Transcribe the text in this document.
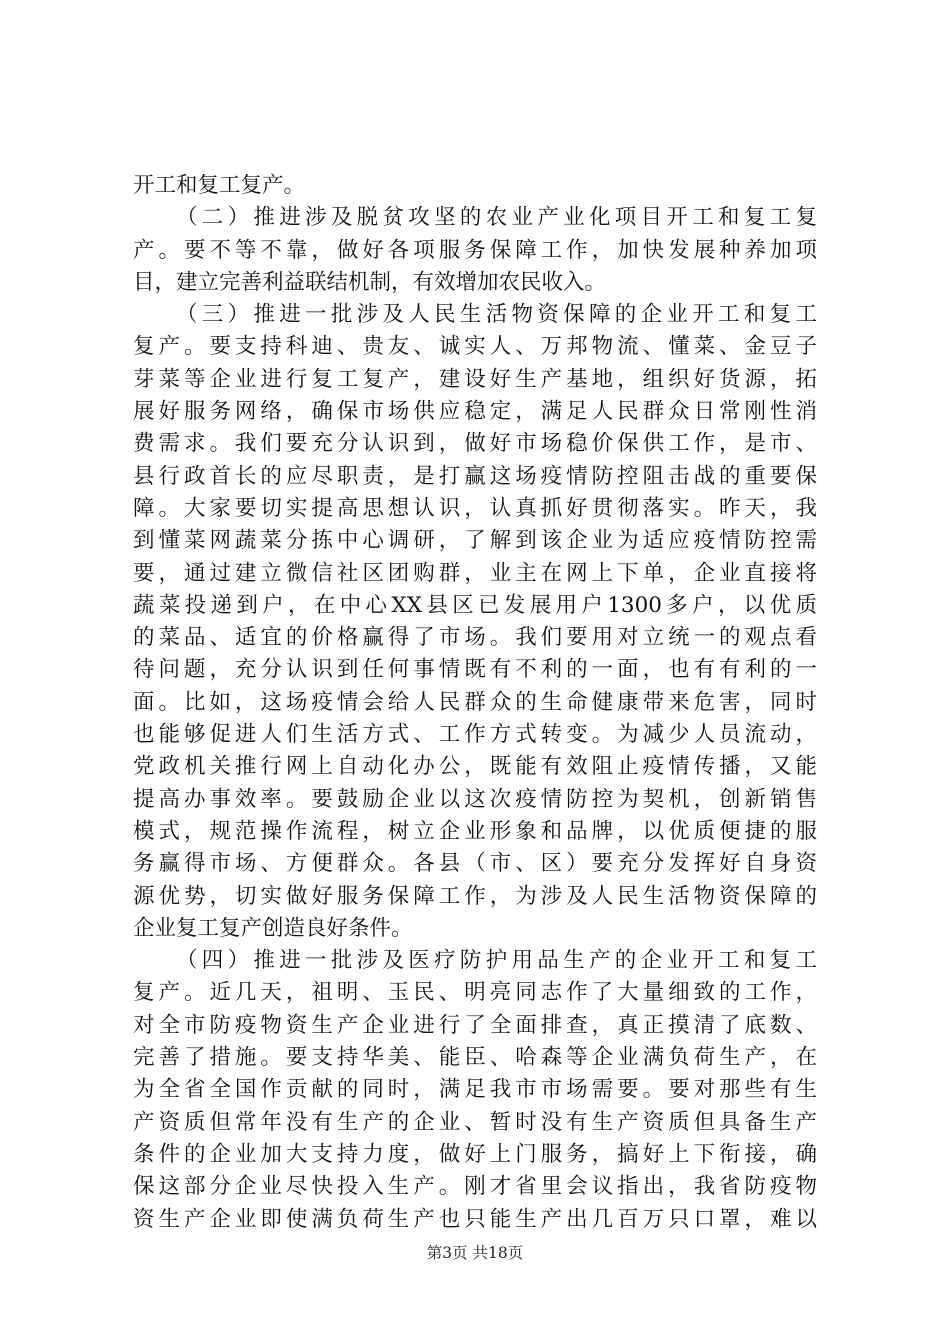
开工和复工复产。
（二）推进涉及脱贫攻坚的农业产业化项目开工和复工复
产。要不等不靠，做好各项服务保障工作，加快发展种养加项
目，建立完善利益联结机制，有效增加农民收入。
（三）推进一批涉及人民生活物资保障的企业开工和复工
复产。要支持科迪、贵友、诚实人、万邦物流、懂菜、金豆子
芽菜等企业进行复工复产，建设好生产基地，组织好货源，拓
展好服务网络，确保市场供应稳定，满足人民群众日常刚性消
费需求。我们要充分认识到，做好市场稳价保供工作，是市、
县行政首长的应尽职责，是打赢这场疫情防控阻击战的重要保
障。大家要切实提高思想认识，认真抓好贯彻落实。昨天，我
到懂菜网蔬菜分拣中心调研，了解到该企业为适应疫情防控需
要，通过建立微信社区团购群，业主在网上下单，企业直接将
蔬菜投递到户，在中心XX县区已发展用户1300多户，以优质
的菜品、适宜的价格赢得了市场。我们要用对立统一的观点看
待问题，充分认识到任何事情既有不利的一面，也有有利的一
面。比如，这场疫情会给人民群众的生命健康带来危害，同时
也能够促进人们生活方式、工作方式转变。为减少人员流动，
党政机关推行网上自动化办公，既能有效阻止疫情传播，又能
提高办事效率。要鼓励企业以这次疫情防控为契机，创新销售
模式，规范操作流程，树立企业形象和品牌，以优质便捷的服
务赢得市场、方便群众。各县（市、区）要充分发挥好自身资
源优势，切实做好服务保障工作，为涉及人民生活物资保障的
企业复工复产创造良好条件。
（四）推进一批涉及医疗防护用品生产的企业开工和复工
复产。近几天，祖明、玉民、明亮同志作了大量细致的工作，
对全市防疫物资生产企业进行了全面排查，真正摸清了底数、
完善了措施。要支持华美、能臣、哈森等企业满负荷生产，在
为全省全国作贡献的同时，满足我市市场需要。要对那些有生
产资质但常年没有生产的企业、暂时没有生产资质但具备生产
条件的企业加大支持力度，做好上门服务，搞好上下衔接，确
保这部分企业尽快投入生产。刚才省里会议指出，我省防疫物
资生产企业即使满负荷生产也只能生产出几百万只口罩，难以
第3页 共18页
